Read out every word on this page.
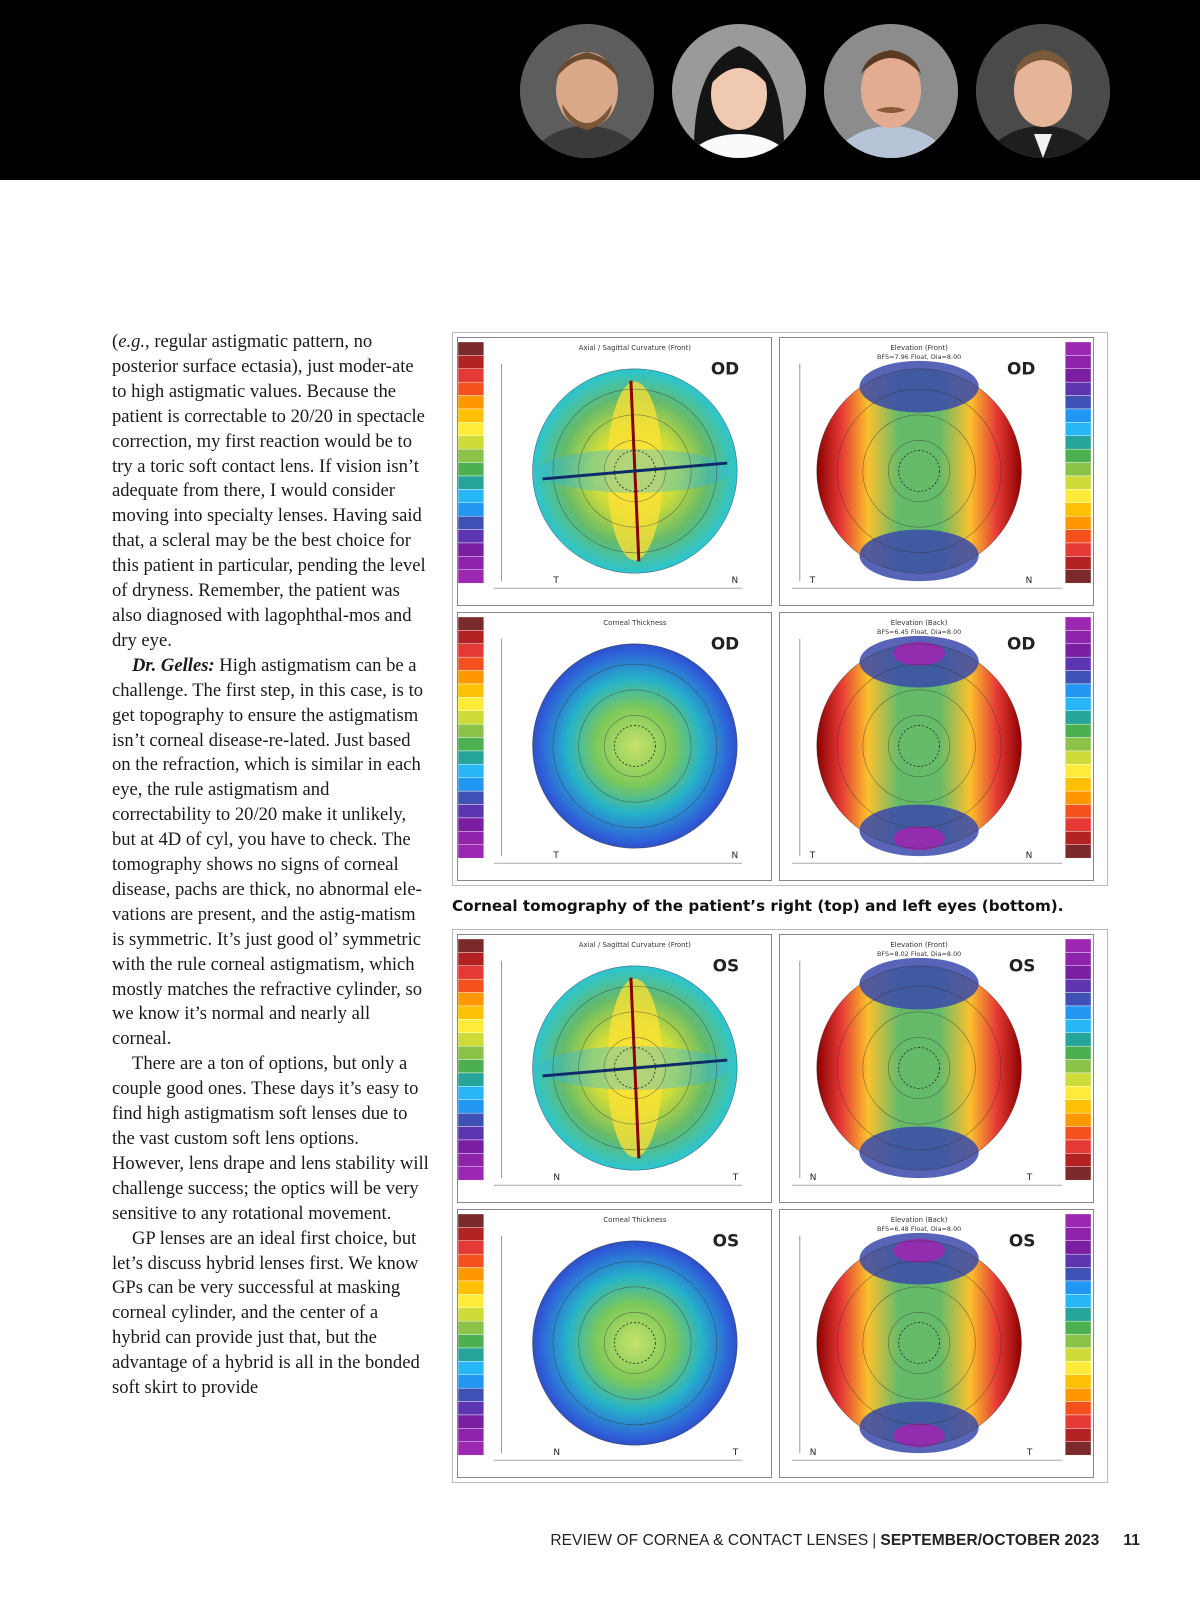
(e.g., regular astigmatic pattern, no posterior surface ectasia), just moder-ate to high astigmatic values. Because the patient is correctable to 20/20 in spectacle correction, my first reaction would be to try a toric soft contact lens. If vision isn’t adequate from there, I would consider moving into specialty lenses. Having said that, a scleral may be the best choice for this patient in particular, pending the level of dryness. Remember, the patient was also diagnosed with lagophthal-mos and dry eye.

Dr. Gelles: High astigmatism can be a challenge. The first step, in this case, is to get topography to ensure the astigmatism isn’t corneal disease-re-lated. Just based on the refraction, which is similar in each eye, the rule astigmatism and correctability to 20/20 make it unlikely, but at 4D of cyl, you have to check. The tomography shows no signs of corneal disease, pachs are thick, no abnormal ele-vations are present, and the astig-matism is symmetric. It’s just good ol’ symmetric with the rule corneal astigmatism, which mostly matches the refractive cylinder, so we know it’s normal and nearly all corneal.

There are a ton of options, but only a couple good ones. These days it’s easy to find high astigmatism soft lenses due to the vast custom soft lens options. However, lens drape and lens stability will challenge success; the optics will be very sensitive to any rotational movement.

GP lenses are an ideal first choice, but let’s discuss hybrid lenses first. We know GPs can be very successful at masking corneal cylinder, and the center of a hybrid can provide just that, but the advantage of a hybrid is all in the bonded soft skirt to provide

Axial / Sagittal Curvature (Front)
OD
T	N
Elevation (Front)
BFS=7.96 Float, Dia=8.00
OD
T	N
Corneal Thickness
OD
T	N
Elevation (Back)
BFS=6.45 Float, Dia=8.00
OD
T	N
Corneal tomography of the patient’s right (top) and left eyes (bottom).
Axial / Sagittal Curvature (Front)
OS
N	T
Elevation (Front)
BFS=8.02 Float, Dia=8.00
OS
N	T
Corneal Thickness
OS
N	T
Elevation (Back)
BFS=6.48 Float, Dia=8.00
OS
N	T
REVIEW OF CORNEA & CONTACT LENSES | SEPTEMBER/OCTOBER 2023 11
